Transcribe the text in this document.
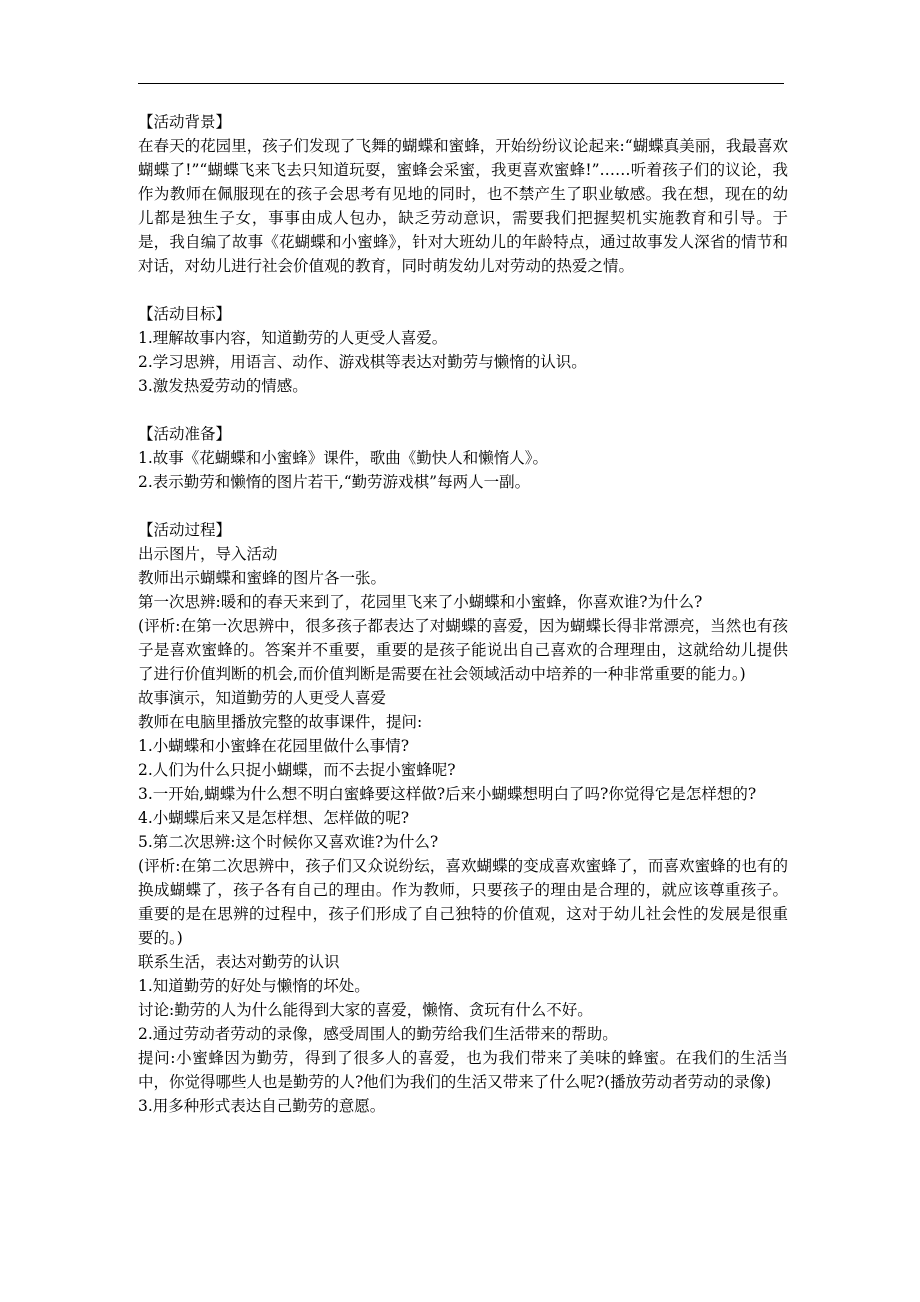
【活动背景】

在春天的花园里，孩子们发现了飞舞的蝴蝶和蜜蜂，开始纷纷议论起来:“蝴蝶真美丽，我最喜欢蝴蝶了!”“蝴蝶飞来飞去只知道玩耍，蜜蜂会采蜜，我更喜欢蜜蜂!”……听着孩子们的议论，我作为教师在佩服现在的孩子会思考有见地的同时，也不禁产生了职业敏感。我在想，现在的幼儿都是独生子女，事事由成人包办，缺乏劳动意识，需要我们把握契机实施教育和引导。于是，我自编了故事《花蝴蝶和小蜜蜂》，针对大班幼儿的年龄特点，通过故事发人深省的情节和对话，对幼儿进行社会价值观的教育，同时萌发幼儿对劳动的热爱之情。

【活动目标】

1.理解故事内容，知道勤劳的人更受人喜爱。

2.学习思辨，用语言、动作、游戏棋等表达对勤劳与懒惰的认识。

3.激发热爱劳动的情感。

【活动准备】

1.故事《花蝴蝶和小蜜蜂》课件，歌曲《勤快人和懒惰人》。

2.表示勤劳和懒惰的图片若干,“勤劳游戏棋”每两人一副。

【活动过程】

出示图片，导入活动

教师出示蝴蝶和蜜蜂的图片各一张。

第一次思辨:暖和的春天来到了，花园里飞来了小蝴蝶和小蜜蜂，你喜欢谁?为什么?

(评析:在第一次思辨中，很多孩子都表达了对蝴蝶的喜爱，因为蝴蝶长得非常漂亮，当然也有孩子是喜欢蜜蜂的。答案并不重要，重要的是孩子能说出自己喜欢的合理理由，这就给幼儿提供了进行价值判断的机会,而价值判断是需要在社会领域活动中培养的一种非常重要的能力。)

故事演示，知道勤劳的人更受人喜爱

教师在电脑里播放完整的故事课件，提问:

1.小蝴蝶和小蜜蜂在花园里做什么事情?

2.人们为什么只捉小蝴蝶，而不去捉小蜜蜂呢?

3.一开始,蝴蝶为什么想不明白蜜蜂要这样做?后来小蝴蝶想明白了吗?你觉得它是怎样想的?

4.小蝴蝶后来又是怎样想、怎样做的呢?

5.第二次思辨:这个时候你又喜欢谁?为什么?

(评析:在第二次思辨中，孩子们又众说纷纭，喜欢蝴蝶的变成喜欢蜜蜂了，而喜欢蜜蜂的也有的换成蝴蝶了，孩子各有自己的理由。作为教师，只要孩子的理由是合理的，就应该尊重孩子。重要的是在思辨的过程中，孩子们形成了自己独特的价值观，这对于幼儿社会性的发展是很重要的。)

联系生活，表达对勤劳的认识

1.知道勤劳的好处与懒惰的坏处。

讨论:勤劳的人为什么能得到大家的喜爱，懒惰、贪玩有什么不好。

2.通过劳动者劳动的录像，感受周围人的勤劳给我们生活带来的帮助。

提问:小蜜蜂因为勤劳，得到了很多人的喜爱，也为我们带来了美味的蜂蜜。在我们的生活当中，你觉得哪些人也是勤劳的人?他们为我们的生活又带来了什么呢?(播放劳动者劳动的录像)

3.用多种形式表达自己勤劳的意愿。
